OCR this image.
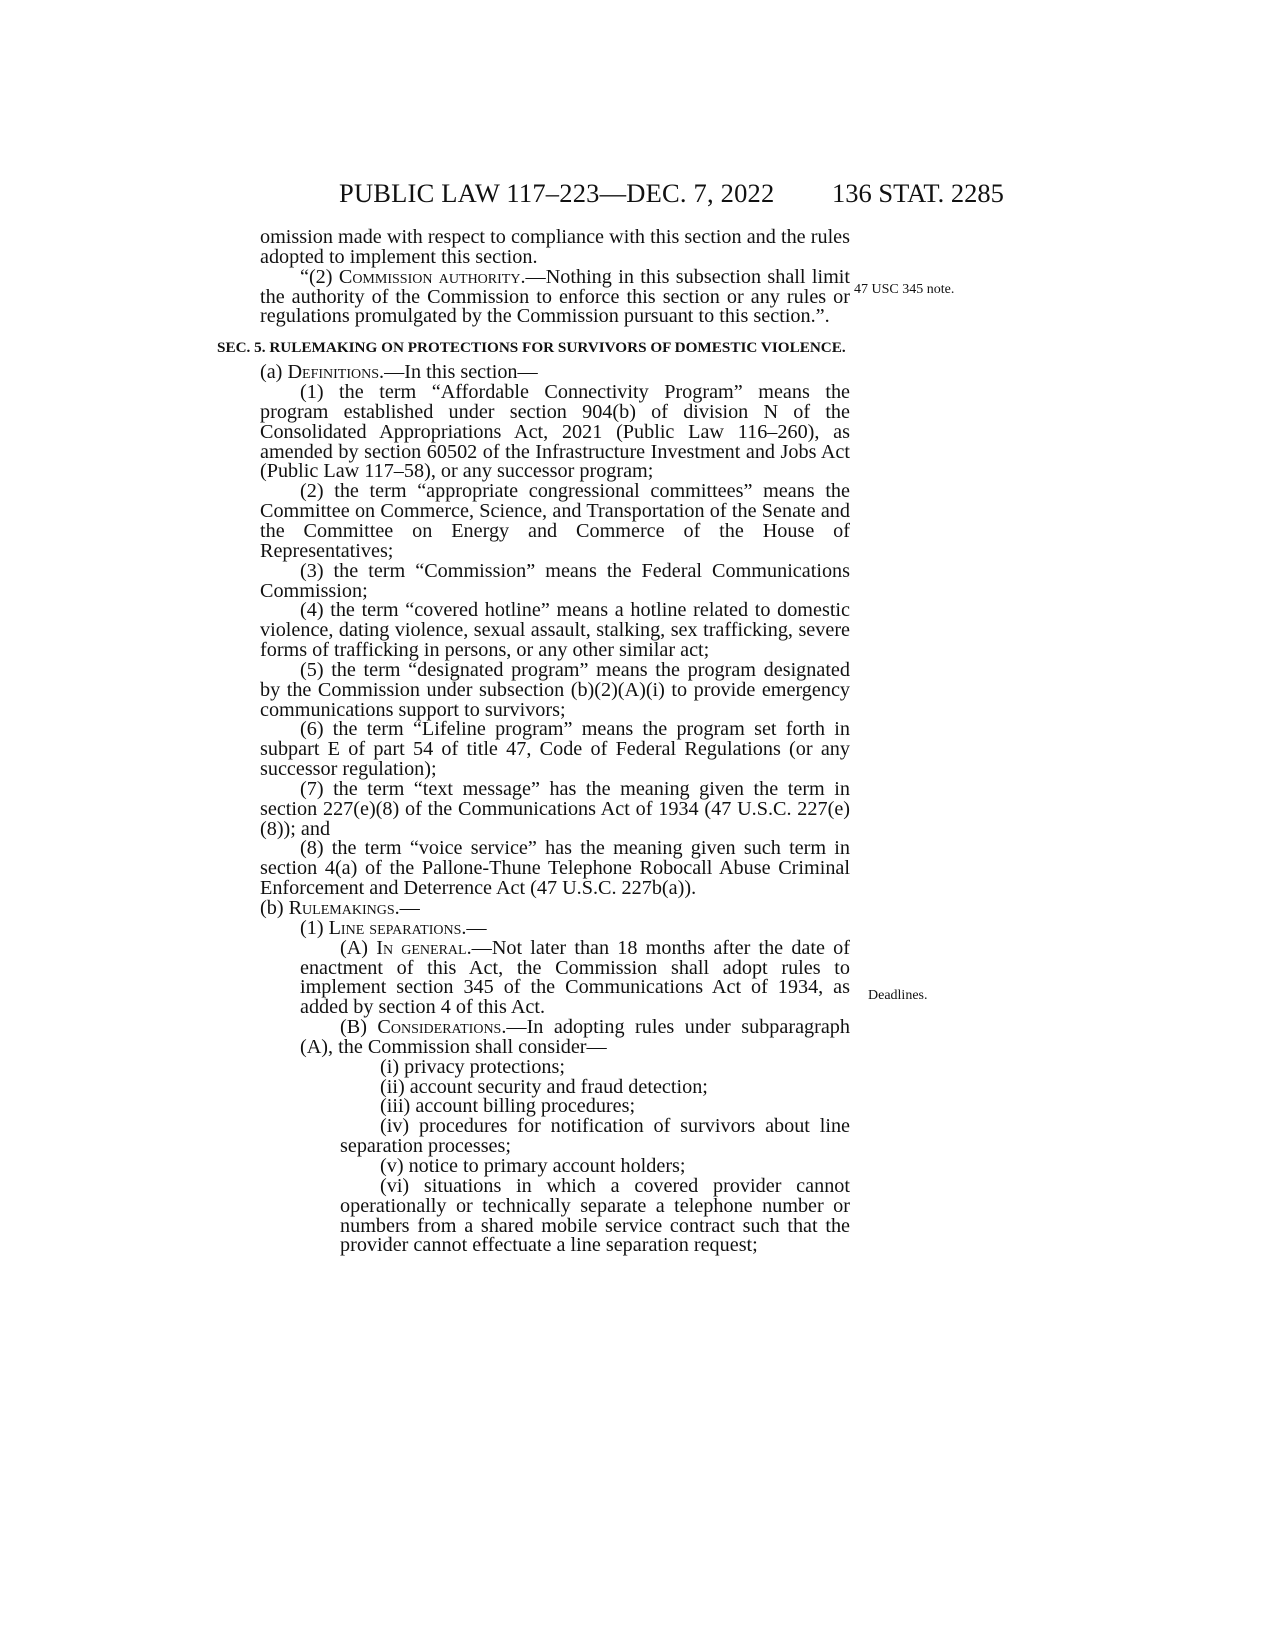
PUBLIC LAW 117–223—DEC. 7, 2022 136 STAT. 2285
47 USC 345 note.
Deadlines.

omission made with respect to compliance with this section and the rules adopted to implement this section.

“(2) Commission authority.—Nothing in this subsection shall limit the authority of the Commission to enforce this section or any rules or regulations promulgated by the Commission pursuant to this section.”.

SEC. 5. RULEMAKING ON PROTECTIONS FOR SURVIVORS OF DOMESTIC VIOLENCE.

(a) Definitions.—In this section—

(1) the term “Affordable Connectivity Program” means the program established under section 904(b) of division N of the Consolidated Appropriations Act, 2021 (Public Law 116–260), as amended by section 60502 of the Infrastructure Investment and Jobs Act (Public Law 117–58), or any successor program;

(2) the term “appropriate congressional committees” means the Committee on Commerce, Science, and Transportation of the Senate and the Committee on Energy and Commerce of the House of Representatives;

(3) the term “Commission” means the Federal Communications Commission;

(4) the term “covered hotline” means a hotline related to domestic violence, dating violence, sexual assault, stalking, sex trafficking, severe forms of trafficking in persons, or any other similar act;

(5) the term “designated program” means the program designated by the Commission under subsection (b)(2)(A)(i) to provide emergency communications support to survivors;

(6) the term “Lifeline program” means the program set forth in subpart E of part 54 of title 47, Code of Federal Regulations (or any successor regulation);

(7) the term “text message” has the meaning given the term in section 227(e)(8) of the Communications Act of 1934 (47 U.S.C. 227(e)(8)); and

(8) the term “voice service” has the meaning given such term in section 4(a) of the Pallone-Thune Telephone Robocall Abuse Criminal Enforcement and Deterrence Act (47 U.S.C. 227b(a)).

(b) Rulemakings.—

(1) Line separations.—

(A) In general.—Not later than 18 months after the date of enactment of this Act, the Commission shall adopt rules to implement section 345 of the Communications Act of 1934, as added by section 4 of this Act.

(B) Considerations.—In adopting rules under subparagraph (A), the Commission shall consider—

(i) privacy protections;

(ii) account security and fraud detection;

(iii) account billing procedures;

(iv) procedures for notification of survivors about line separation processes;

(v) notice to primary account holders;

(vi) situations in which a covered provider cannot operationally or technically separate a telephone number or numbers from a shared mobile service contract such that the provider cannot effectuate a line separation request;
